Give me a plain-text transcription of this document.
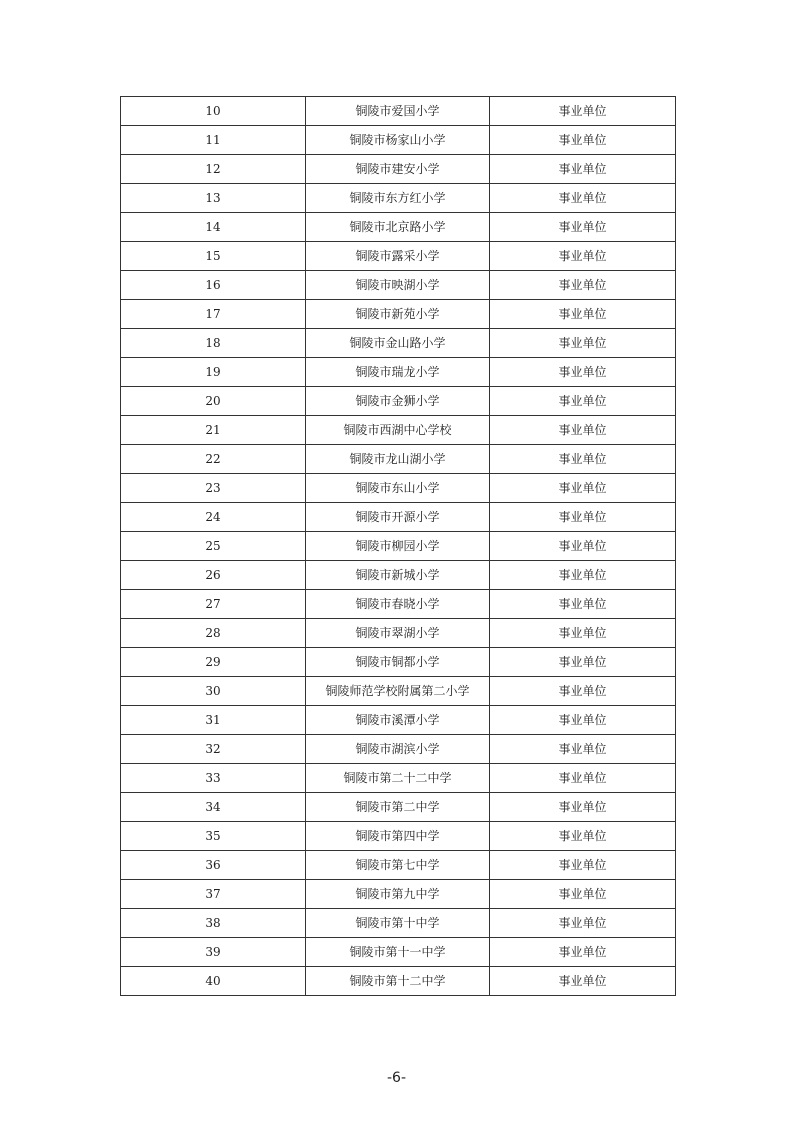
10	铜陵市爱国小学	事业单位
11	铜陵市杨家山小学	事业单位
12	铜陵市建安小学	事业单位
13	铜陵市东方红小学	事业单位
14	铜陵市北京路小学	事业单位
15	铜陵市露采小学	事业单位
16	铜陵市映湖小学	事业单位
17	铜陵市新苑小学	事业单位
18	铜陵市金山路小学	事业单位
19	铜陵市瑞龙小学	事业单位
20	铜陵市金狮小学	事业单位
21	铜陵市西湖中心学校	事业单位
22	铜陵市龙山湖小学	事业单位
23	铜陵市东山小学	事业单位
24	铜陵市开源小学	事业单位
25	铜陵市柳园小学	事业单位
26	铜陵市新城小学	事业单位
27	铜陵市春晓小学	事业单位
28	铜陵市翠湖小学	事业单位
29	铜陵市铜都小学	事业单位
30	铜陵师范学校附属第二小学	事业单位
31	铜陵市溪潭小学	事业单位
32	铜陵市湖滨小学	事业单位
33	铜陵市第二十二中学	事业单位
34	铜陵市第二中学	事业单位
35	铜陵市第四中学	事业单位
36	铜陵市第七中学	事业单位
37	铜陵市第九中学	事业单位
38	铜陵市第十中学	事业单位
39	铜陵市第十一中学	事业单位
40	铜陵市第十二中学	事业单位
-6-
